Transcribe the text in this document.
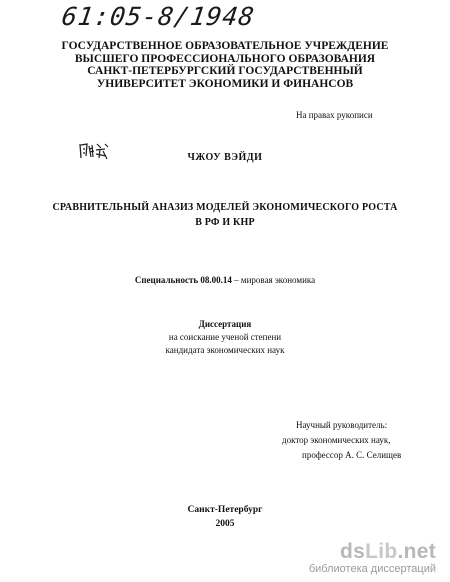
61:05-8/1948
ГОСУДАРСТВЕННОЕ ОБРАЗОВАТЕЛЬНОЕ УЧРЕЖДЕНИЕ
ВЫСШЕГО ПРОФЕССИОНАЛЬНОГО ОБРАЗОВАНИЯ
САНКТ-ПЕТЕРБУРГСКИЙ ГОСУДАРСТВЕННЫЙ
УНИВЕРСИТЕТ ЭКОНОМИКИ И ФИНАНСОВ
На правах рукописи
ЧЖОУ ВЭЙДИ
СРАВНИТЕЛЬНЫЙ АНАЗИЗ МОДЕЛЕЙ ЭКОНОМИЧЕСКОГО РОСТА
В РФ И КНР
Специальность 08.00.14 – мировая экономика
Диссертация
на соискание ученой степени
кандидата экономических наук
Научный руководитель:
доктор экономических наук,
профессор А. С. Селищев
Санкт-Петербург
2005
dsLib.net
библиотека диссертаций
